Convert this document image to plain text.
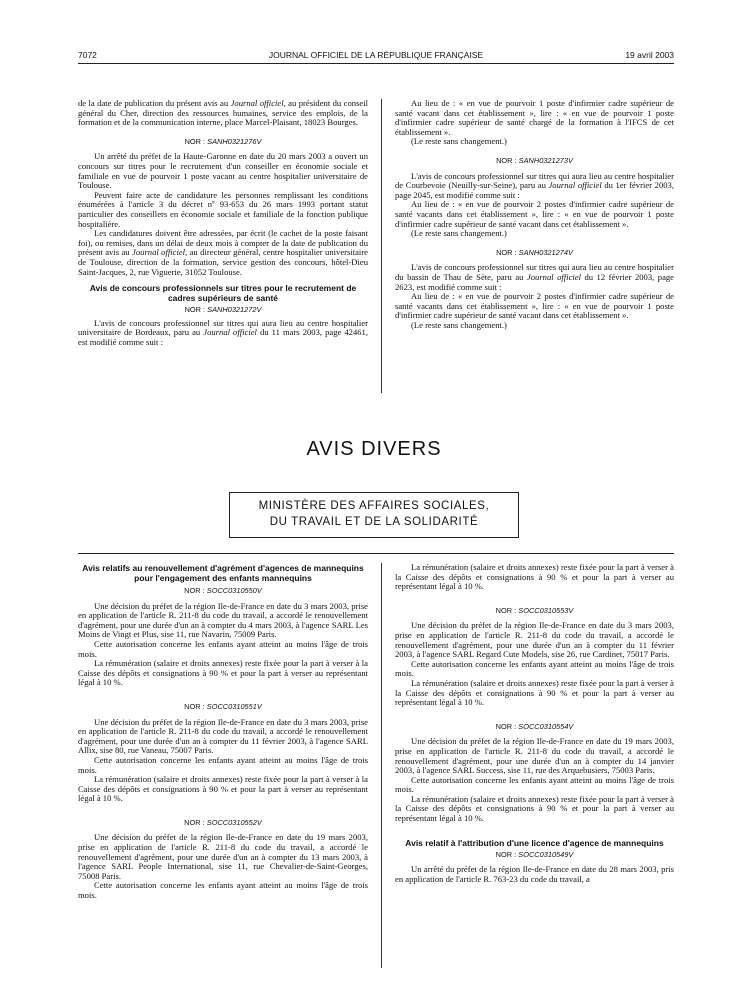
7072	JOURNAL OFFICIEL DE LA RÉPUBLIQUE FRANÇAISE	19 avril 2003

de la date de publication du présent avis au Journal officiel, au président du conseil général du Cher, direction des ressources humaines, service des emplois, de la formation et de la communication interne, place Marcel-Plaisant, 18023 Bourges.

NOR : SANH0321276V

Un arrêté du préfet de la Haute-Garonne en date du 20 mars 2003 a ouvert un concours sur titres pour le recrutement d'un conseiller en économie sociale et familiale en vue de pourvoir 1 poste vacant au centre hospitalier universitaire de Toulouse.

Peuvent faire acte de candidature les personnes remplissant les conditions énumérées à l'article 3 du décret nº 93-653 du 26 mars 1993 portant statut particulier des conseillers en économie sociale et familiale de la fonction publique hospitalière.

Les candidatures doivent être adressées, par écrit (le cachet de la poste faisant foi), ou remises, dans un délai de deux mois à compter de la date de publication du présent avis au Journal officiel, au directeur général, centre hospitalier universitaire de Toulouse, direction de la formation, service gestion des concours, hôtel-Dieu Saint-Jacques, 2, rue Viguerie, 31052 Toulouse.

Avis de concours professionnels sur titres pour le recrutement de cadres supérieurs de santé
NOR : SANH0321272V

L'avis de concours professionnel sur titres qui aura lieu au centre hospitalier universitaire de Bordeaux, paru au Journal officiel du 11 mars 2003, page 42461, est modifié comme suit :

Au lieu de : « en vue de pourvoir 1 poste d'infirmier cadre supérieur de santé vacant dans cet établissement », lire : « en vue de pourvoir 1 poste d'infirmier cadre supérieur de santé chargé de la formation à l'IFCS de cet établissement ».

(Le reste sans changement.)

NOR : SANH0321273V

L'avis de concours professionnel sur titres qui aura lieu au centre hospitalier de Courbevoie (Neuilly-sur-Seine), paru au Journal officiel du 1er février 2003, page 2045, est modifié comme suit :

Au lieu de : « en vue de pourvoir 2 postes d'infirmier cadre supérieur de santé vacants dans cet établissement », lire : « en vue de pourvoir 1 poste d'infirmier cadre supérieur de santé vacant dans cet établissement ».

(Le reste sans changement.)

NOR : SANH0321274V

L'avis de concours professionnel sur titres qui aura lieu au centre hospitalier du bassin de Thau de Sète, paru au Journal officiel du 12 février 2003, page 2623, est modifié comme suit :

Au lieu de : « en vue de pourvoir 2 postes d'infirmier cadre supérieur de santé vacants dans cet établissement », lire : « en vue de pourvoir 1 poste d'infirmier cadre supérieur de santé vacant dans cet établissement ».

(Le reste sans changement.)

AVIS DIVERS
MINISTÈRE DES AFFAIRES SOCIALES,
DU TRAVAIL ET DE LA SOLIDARITÉ
Avis relatifs au renouvellement d'agrément d'agences de mannequins pour l'engagement des enfants mannequins
NOR : SOCC0310550V

Une décision du préfet de la région Ile-de-France en date du 3 mars 2003, prise en application de l'article R. 211-8 du code du travail, a accordé le renouvellement d'agrément, pour une durée d'un an à compter du 4 mars 2003, à l'agence SARL Les Moins de Vingt et Plus, sise 11, rue Navarin, 75009 Paris.

Cette autorisation concerne les enfants ayant atteint au moins l'âge de trois mois.

La rémunération (salaire et droits annexes) reste fixée pour la part à verser à la Caisse des dépôts et consignations à 90 % et pour la part à verser au représentant légal à 10 %.

NOR : SOCC0310551V

Une décision du préfet de la région Ile-de-France en date du 3 mars 2003, prise en application de l'article R. 211-8 du code du travail, a accordé le renouvellement d'agrément, pour une durée d'un an à compter du 11 février 2003, à l'agence SARL Allix, sise 80, rue Vaneau, 75007 Paris.

Cette autorisation concerne les enfants ayant atteint au moins l'âge de trois mois.

La rémunération (salaire et droits annexes) reste fixée pour la part à verser à la Caisse des dépôts et consignations à 90 % et pour la part à verser au représentant légal à 10 %.

NOR : SOCC0310552V

Une décision du préfet de la région Ile-de-France en date du 19 mars 2003, prise en application de l'article R. 211-8 du code du travail, a accordé le renouvellement d'agrément, pour une durée d'un an à compter du 13 mars 2003, à l'agence SARL People International, sise 11, rue Chevalier-de-Saint-Georges, 75008 Paris.

Cette autorisation concerne les enfants ayant atteint au moins l'âge de trois mois.

La rémunération (salaire et droits annexes) reste fixée pour la part à verser à la Caisse des dépôts et consignations à 90 % et pour la part à verser au représentant légal à 10 %.

NOR : SOCC0310553V

Une décision du préfet de la région Ile-de-France en date du 3 mars 2003, prise en application de l'article R. 211-8 du code du travail, a accordé le renouvellement d'agrément, pour une durée d'un an à compter du 11 février 2003, à l'agence SARL Regard Cute Models, sise 26, rue Cardinet, 75017 Paris.

Cette autorisation concerne les enfants ayant atteint au moins l'âge de trois mois.

La rémunération (salaire et droits annexes) reste fixée pour la part à verser à la Caisse des dépôts et consignations à 90 % et pour la part à verser au représentant légal à 10 %.

NOR : SOCC0310554V

Une décision du préfet de la région Ile-de-France en date du 19 mars 2003, prise en application de l'article R. 211-8 du code du travail, a accordé le renouvellement d'agrément, pour une durée d'un an à compter du 14 janvier 2003, à l'agence SARL Success, sise 11, rue des Arquebusiers, 75003 Paris.

Cette autorisation concerne les enfants ayant atteint au moins l'âge de trois mois.

La rémunération (salaire et droits annexes) reste fixée pour la part à verser à la Caisse des dépôts et consignations à 90 % et pour la part à verser au représentant légal à 10 %.

Avis relatif à l'attribution d'une licence d'agence de mannequins
NOR : SOCC0310549V

Un arrêté du préfet de la région Ile-de-France en date du 28 mars 2003, pris en application de l'article R. 763-23 du code du travail, a
